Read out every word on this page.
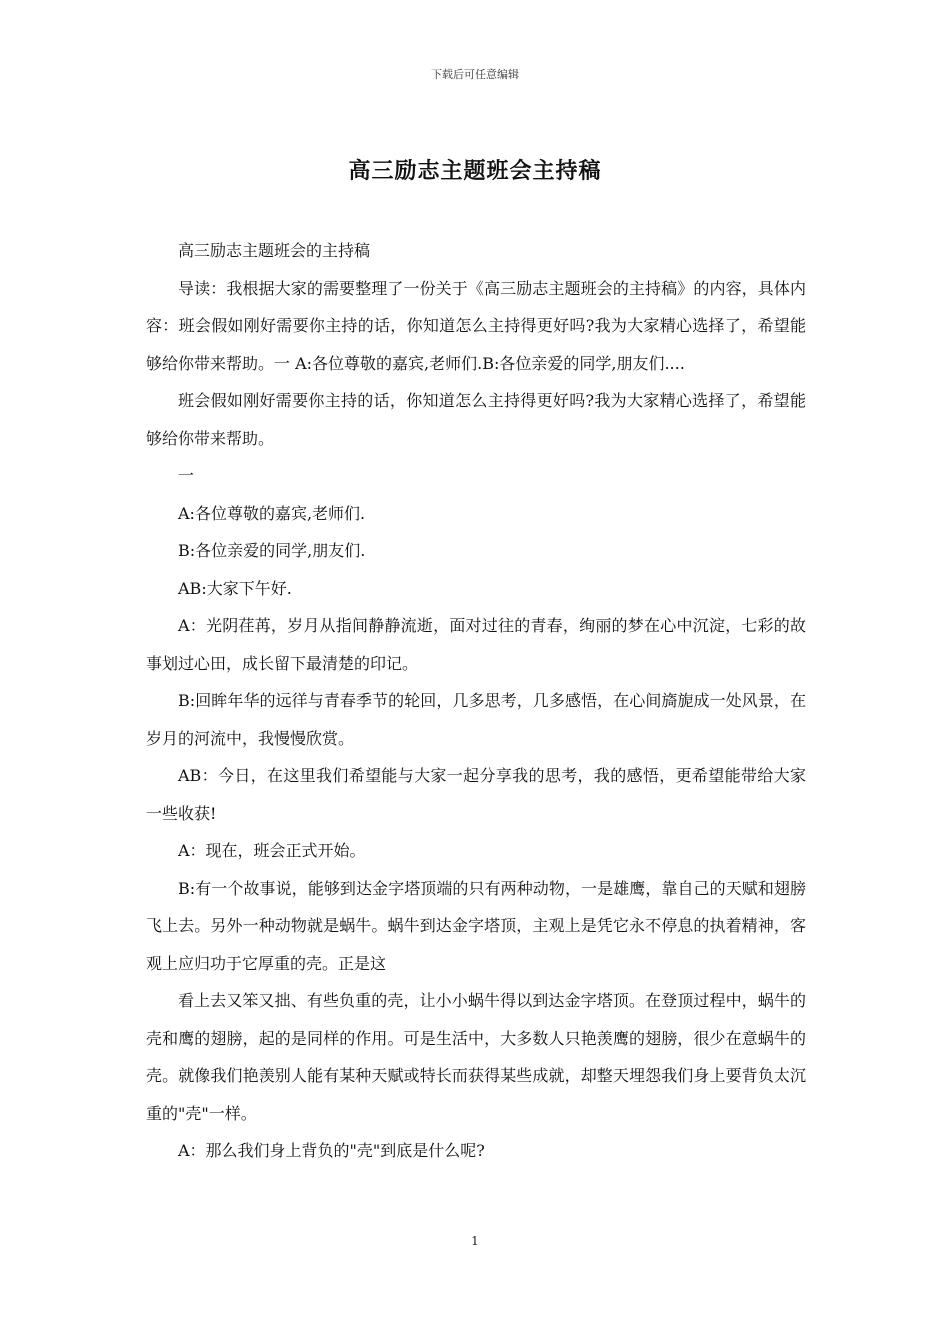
下载后可任意编辑
高三励志主题班会主持稿

高三励志主题班会的主持稿

导读：我根据大家的需要整理了一份关于《高三励志主题班会的主持稿》的内容，具体内容：班会假如刚好需要你主持的话，你知道怎么主持得更好吗?我为大家精心选择了，希望能够给你带来帮助。一 A:各位尊敬的嘉宾,老师们.B:各位亲爱的同学,朋友们....

班会假如刚好需要你主持的话，你知道怎么主持得更好吗?我为大家精心选择了，希望能够给你带来帮助。

一

A:各位尊敬的嘉宾,老师们.

B:各位亲爱的同学,朋友们.

AB:大家下午好.

A：光阴荏苒，岁月从指间静静流逝，面对过往的青春，绚丽的梦在心中沉淀，七彩的故事划过心田，成长留下最清楚的印记。

B:回眸年华的远徉与青春季节的轮回，几多思考，几多感悟，在心间旖旎成一处风景，在岁月的河流中，我慢慢欣赏。

AB：今日，在这里我们希望能与大家一起分享我的思考，我的感悟，更希望能带给大家一些收获!

A：现在，班会正式开始。

B:有一个故事说，能够到达金字塔顶端的只有两种动物，一是雄鹰，靠自己的天赋和翅膀飞上去。另外一种动物就是蜗牛。蜗牛到达金字塔顶，主观上是凭它永不停息的执着精神，客观上应归功于它厚重的壳。正是这

看上去又笨又拙、有些负重的壳，让小小蜗牛得以到达金字塔顶。在登顶过程中，蜗牛的壳和鹰的翅膀，起的是同样的作用。可是生活中，大多数人只艳羡鹰的翅膀，很少在意蜗牛的壳。就像我们艳羡别人能有某种天赋或特长而获得某些成就，却整天埋怨我们身上要背负太沉重的"壳"一样。

A：那么我们身上背负的"壳"到底是什么呢?

1
